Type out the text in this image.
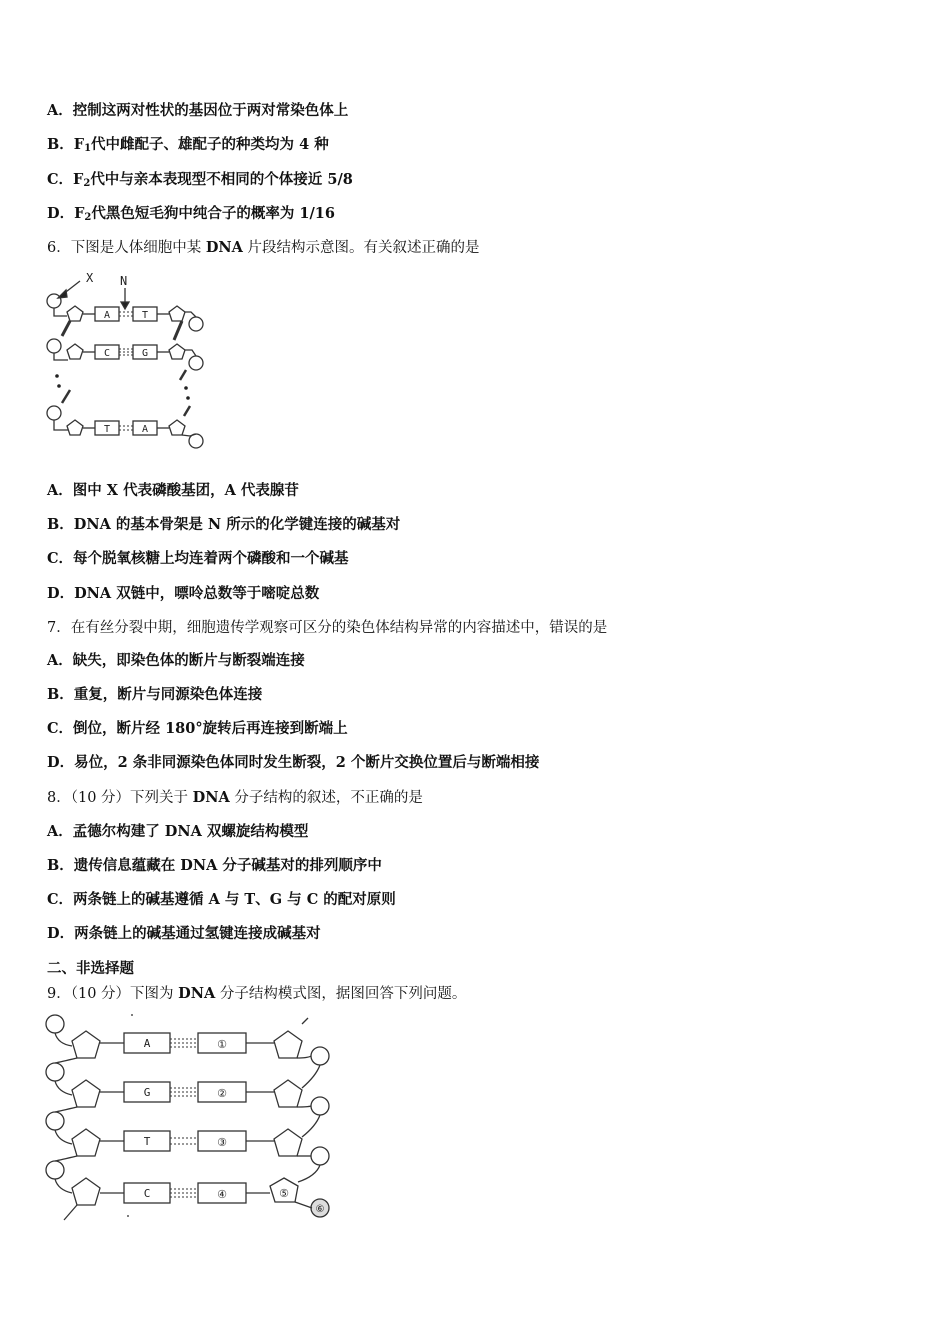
A．控制这两对性状的基因位于两对常染色体上
B．$F_1$代中雌配子、雄配子的种类均为 4 种
C．$F_2$代中与亲本表现型不相同的个体接近 5/8
D．$F_2$代黑色短毛狗中纯合子的概率为 1/16
6．下图是人体细胞中某 DNA 片段结构示意图。有关叙述正确的是
X N
A	T
C	G
T	A
A．图中 X 代表磷酸基团，A 代表腺苷
B．DNA 的基本骨架是 N 所示的化学键连接的碱基对
C．每个脱氧核糖上均连着两个磷酸和一个碱基
D．DNA 双链中，嘌呤总数等于嘧啶总数
7．在有丝分裂中期，细胞遗传学观察可区分的染色体结构异常的内容描述中，错误的是
A．缺失，即染色体的断片与断裂端连接
B．重复，断片与同源染色体连接
C．倒位，断片经 180°旋转后再连接到断端上
D．易位，2 条非同源染色体同时发生断裂，2 个断片交换位置后与断端相接
8．（10 分）下列关于 DNA 分子结构的叙述，不正确的是
A．孟德尔构建了 DNA 双螺旋结构模型
B．遗传信息蕴藏在 DNA 分子碱基对的排列顺序中
C．两条链上的碱基遵循 A 与 T、G 与 C 的配对原则
D．两条链上的碱基通过氢键连接成碱基对
二、非选择题
9．（10 分）下图为 DNA 分子结构模式图，据图回答下列问题。
A	①
G	②
T	③
C	④	⑤
⑥
